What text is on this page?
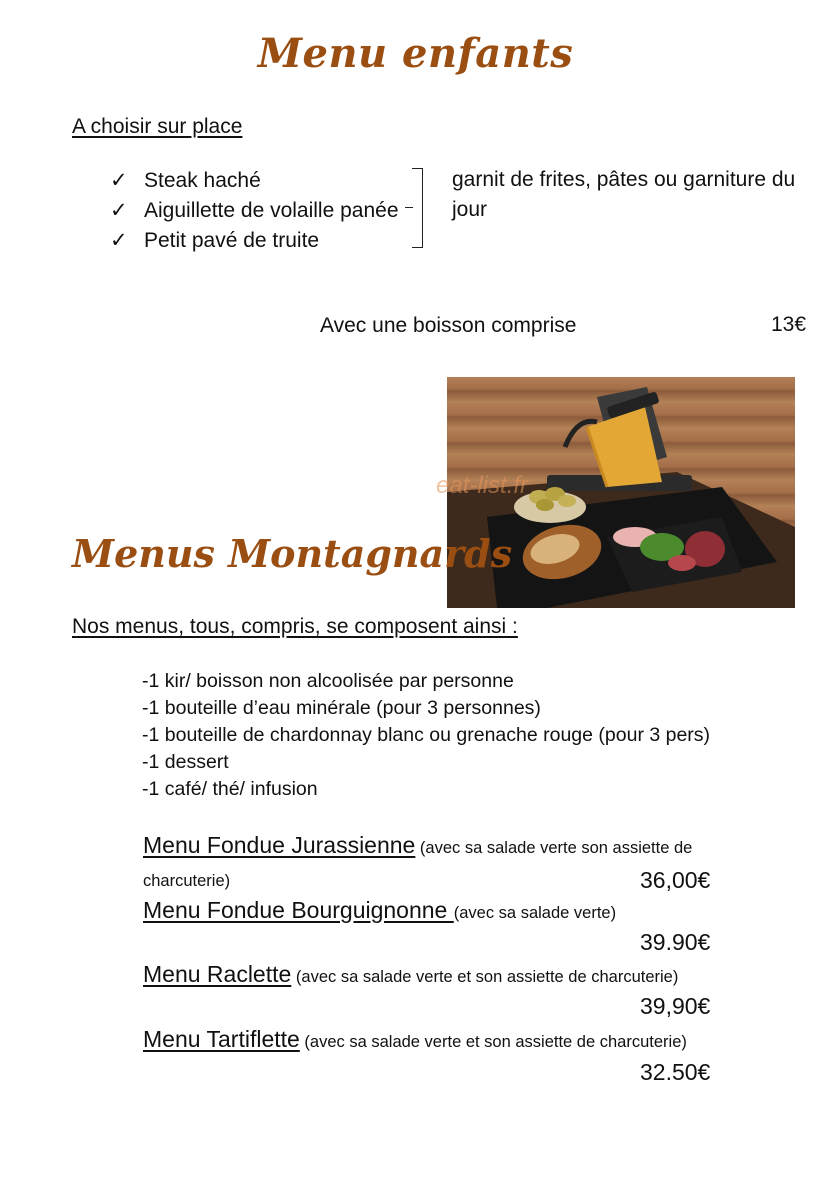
Menu enfants
A choisir sur place
✓ Steak haché
✓ Aiguillette de volaille panée
✓ Petit pavé de truite
garnit de frites, pâtes ou garniture du
jour
Avec une boisson comprise	13€
eat-list.fr
Menus Montagnards
Nos menus, tous, compris, se composent ainsi :
-1 kir/ boisson non alcoolisée par personne
-1 bouteille d’eau minérale (pour 3 personnes)
-1 bouteille de chardonnay blanc ou grenache rouge (pour 3 pers)
-1 dessert
-1 café/ thé/ infusion
Menu Fondue Jurassienne (avec sa salade verte son assiette de
charcuterie)	36,00€
Menu Fondue Bourguignonne (avec sa salade verte)
39.90€
Menu Raclette (avec sa salade verte et son assiette de charcuterie)
39,90€
Menu Tartiflette (avec sa salade verte et son assiette de charcuterie)
32.50€
